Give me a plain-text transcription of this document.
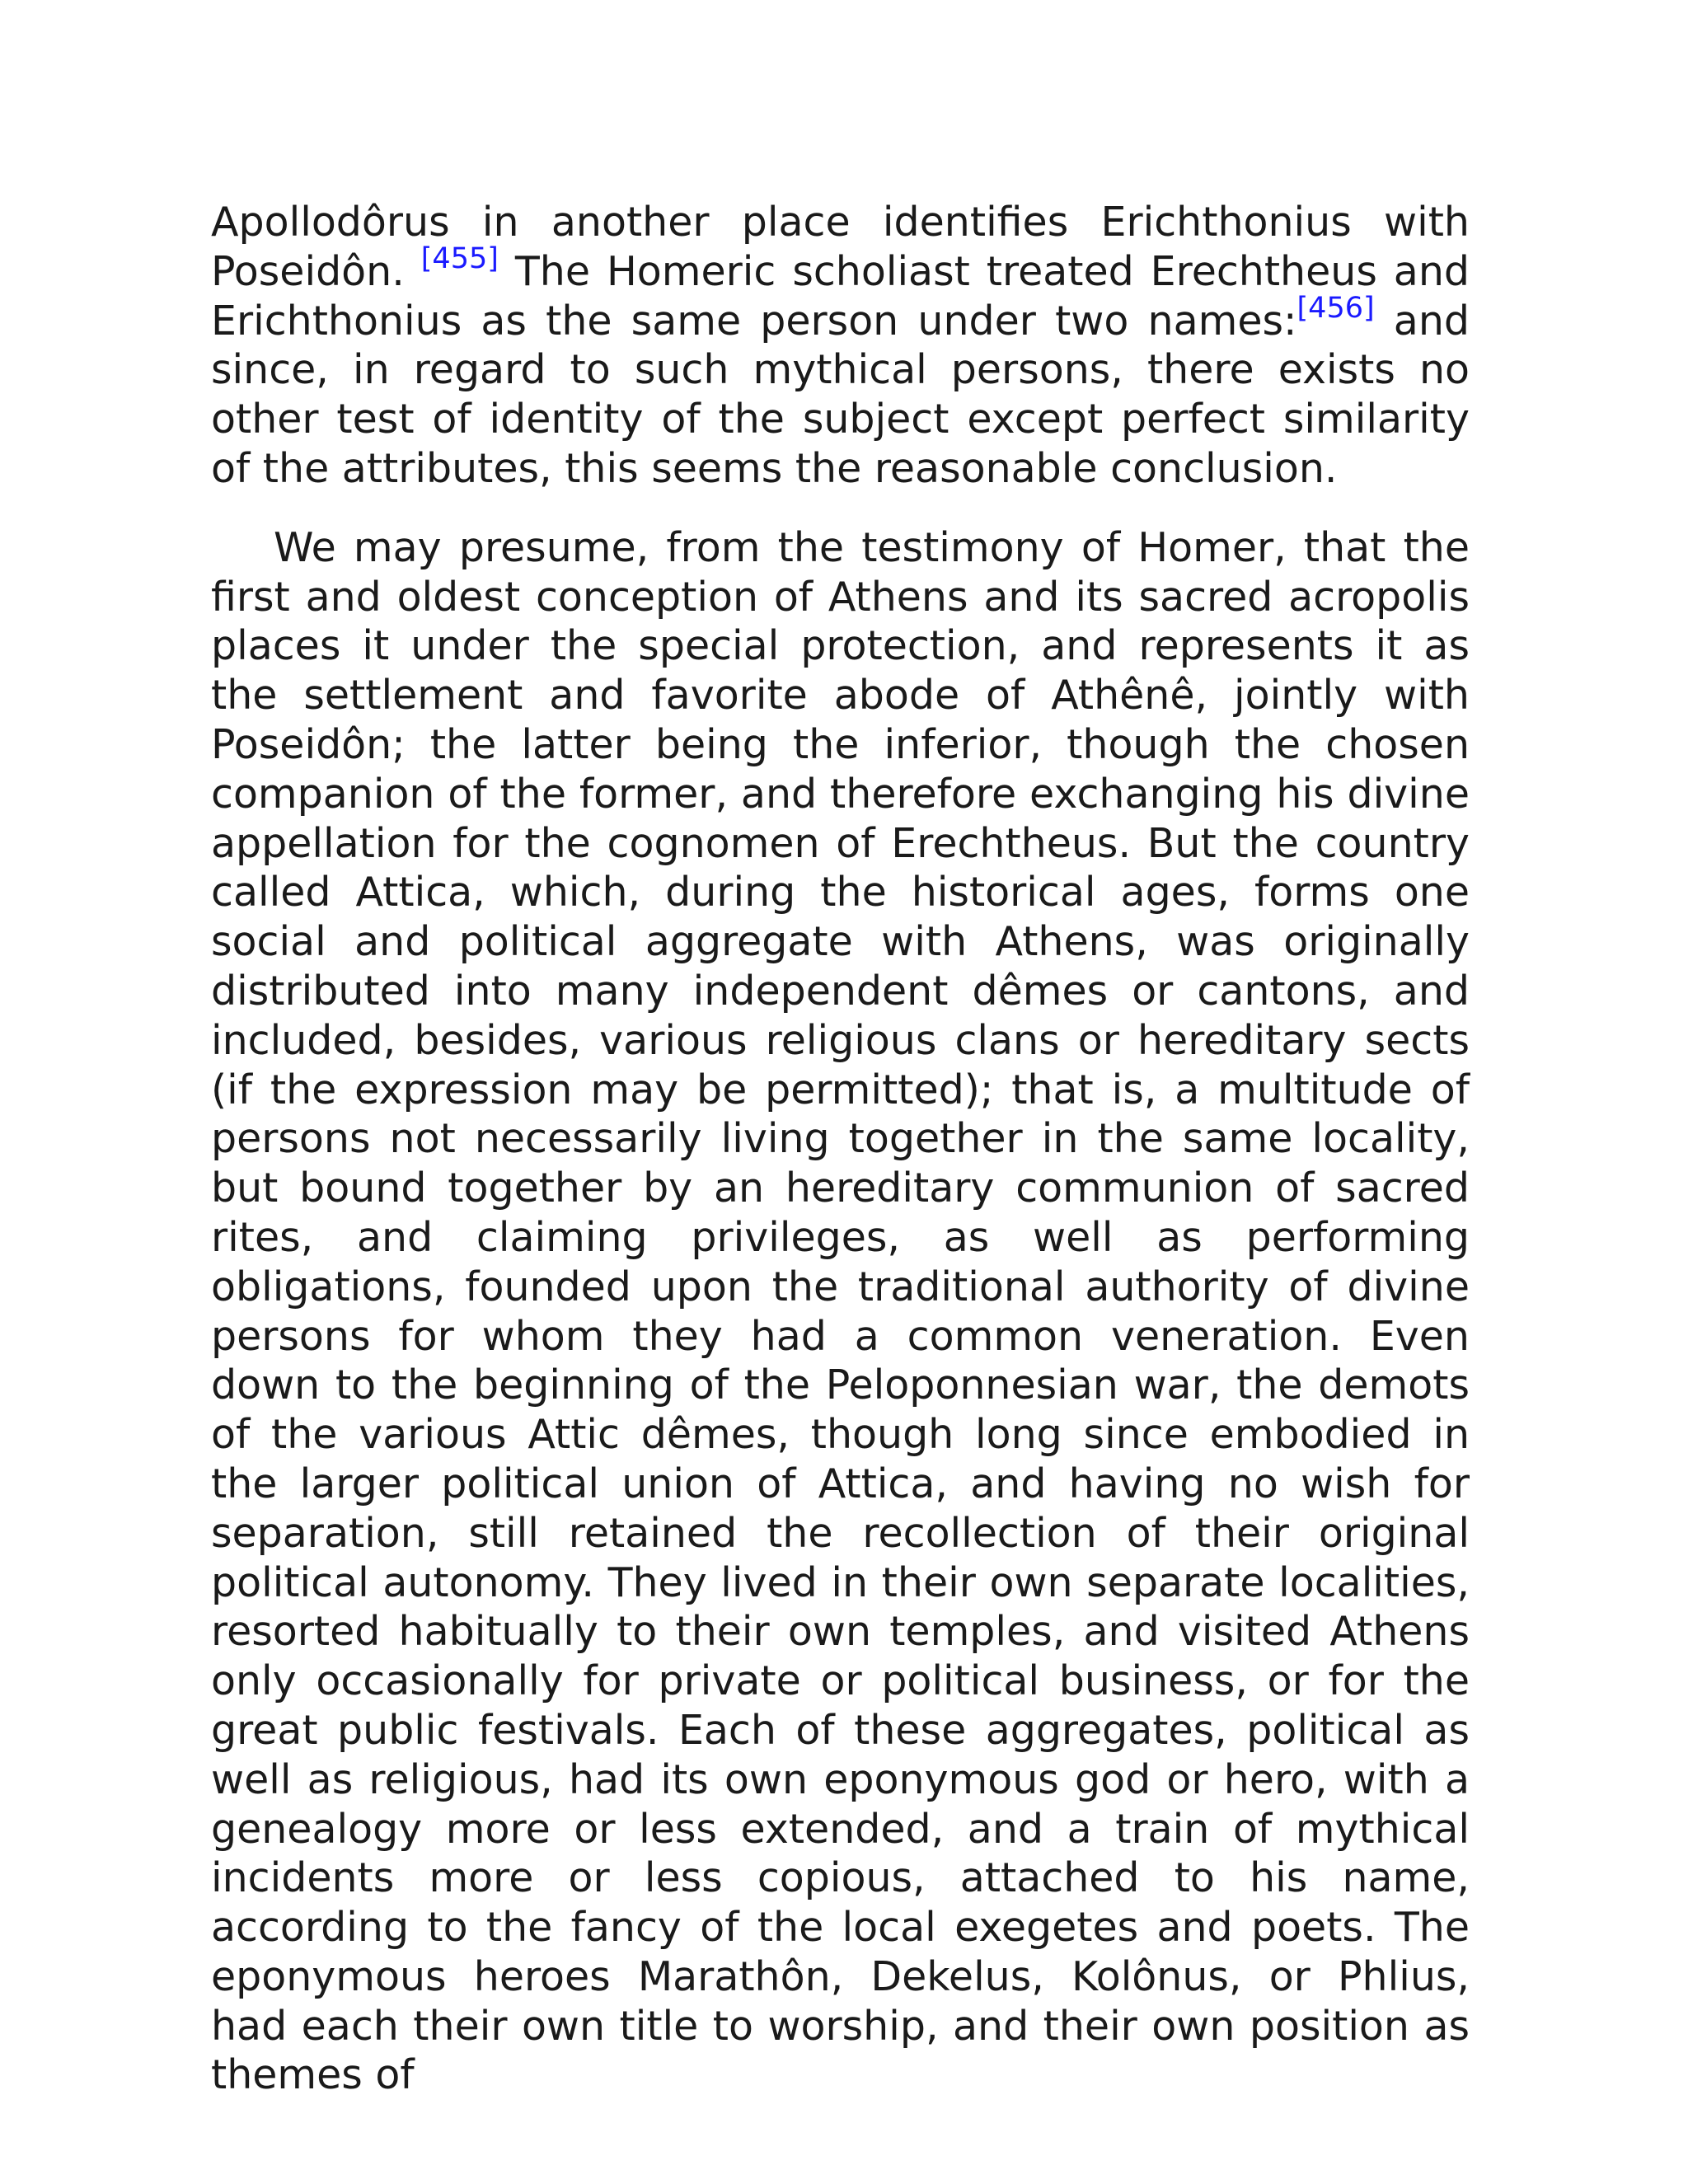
Apollodôrus in another place identifies Erichthonius with Poseidôn. [455] The Homeric scholiast treated Erechtheus and Erichthonius as the same person under two names:[456] and since, in regard to such mythical persons, there exists no other test of identity of the subject except perfect similarity of the attributes, this seems the reasonable conclusion.

We may presume, from the testimony of Homer, that the first and oldest conception of Athens and its sacred acropolis places it under the special protection, and represents it as the settlement and favorite abode of Athênê, jointly with Poseidôn; the latter being the inferior, though the chosen companion of the former, and therefore exchanging his divine appellation for the cognomen of Erechtheus. But the country called Attica, which, during the historical ages, forms one social and political aggregate with Athens, was originally distributed into many independent dêmes or cantons, and included, besides, various religious clans or hereditary sects (if the expression may be permitted); that is, a multitude of persons not necessarily living together in the same locality, but bound together by an hereditary communion of sacred rites, and claiming privileges, as well as performing obligations, founded upon the traditional authority of divine persons for whom they had a common veneration. Even down to the beginning of the Peloponnesian war, the demots of the various Attic dêmes, though long since embodied in the larger political union of Attica, and having no wish for separation, still retained the recollection of their original political autonomy. They lived in their own separate localities, resorted habitually to their own temples, and visited Athens only occasionally for private or political business, or for the great public festivals. Each of these aggregates, political as well as religious, had its own eponymous god or hero, with a genealogy more or less extended, and a train of mythical incidents more or less copious, attached to his name, according to the fancy of the local exegetes and poets. The eponymous heroes Marathôn, Dekelus, Kolônus, or Phlius, had each their own title to worship, and their own position as themes of
